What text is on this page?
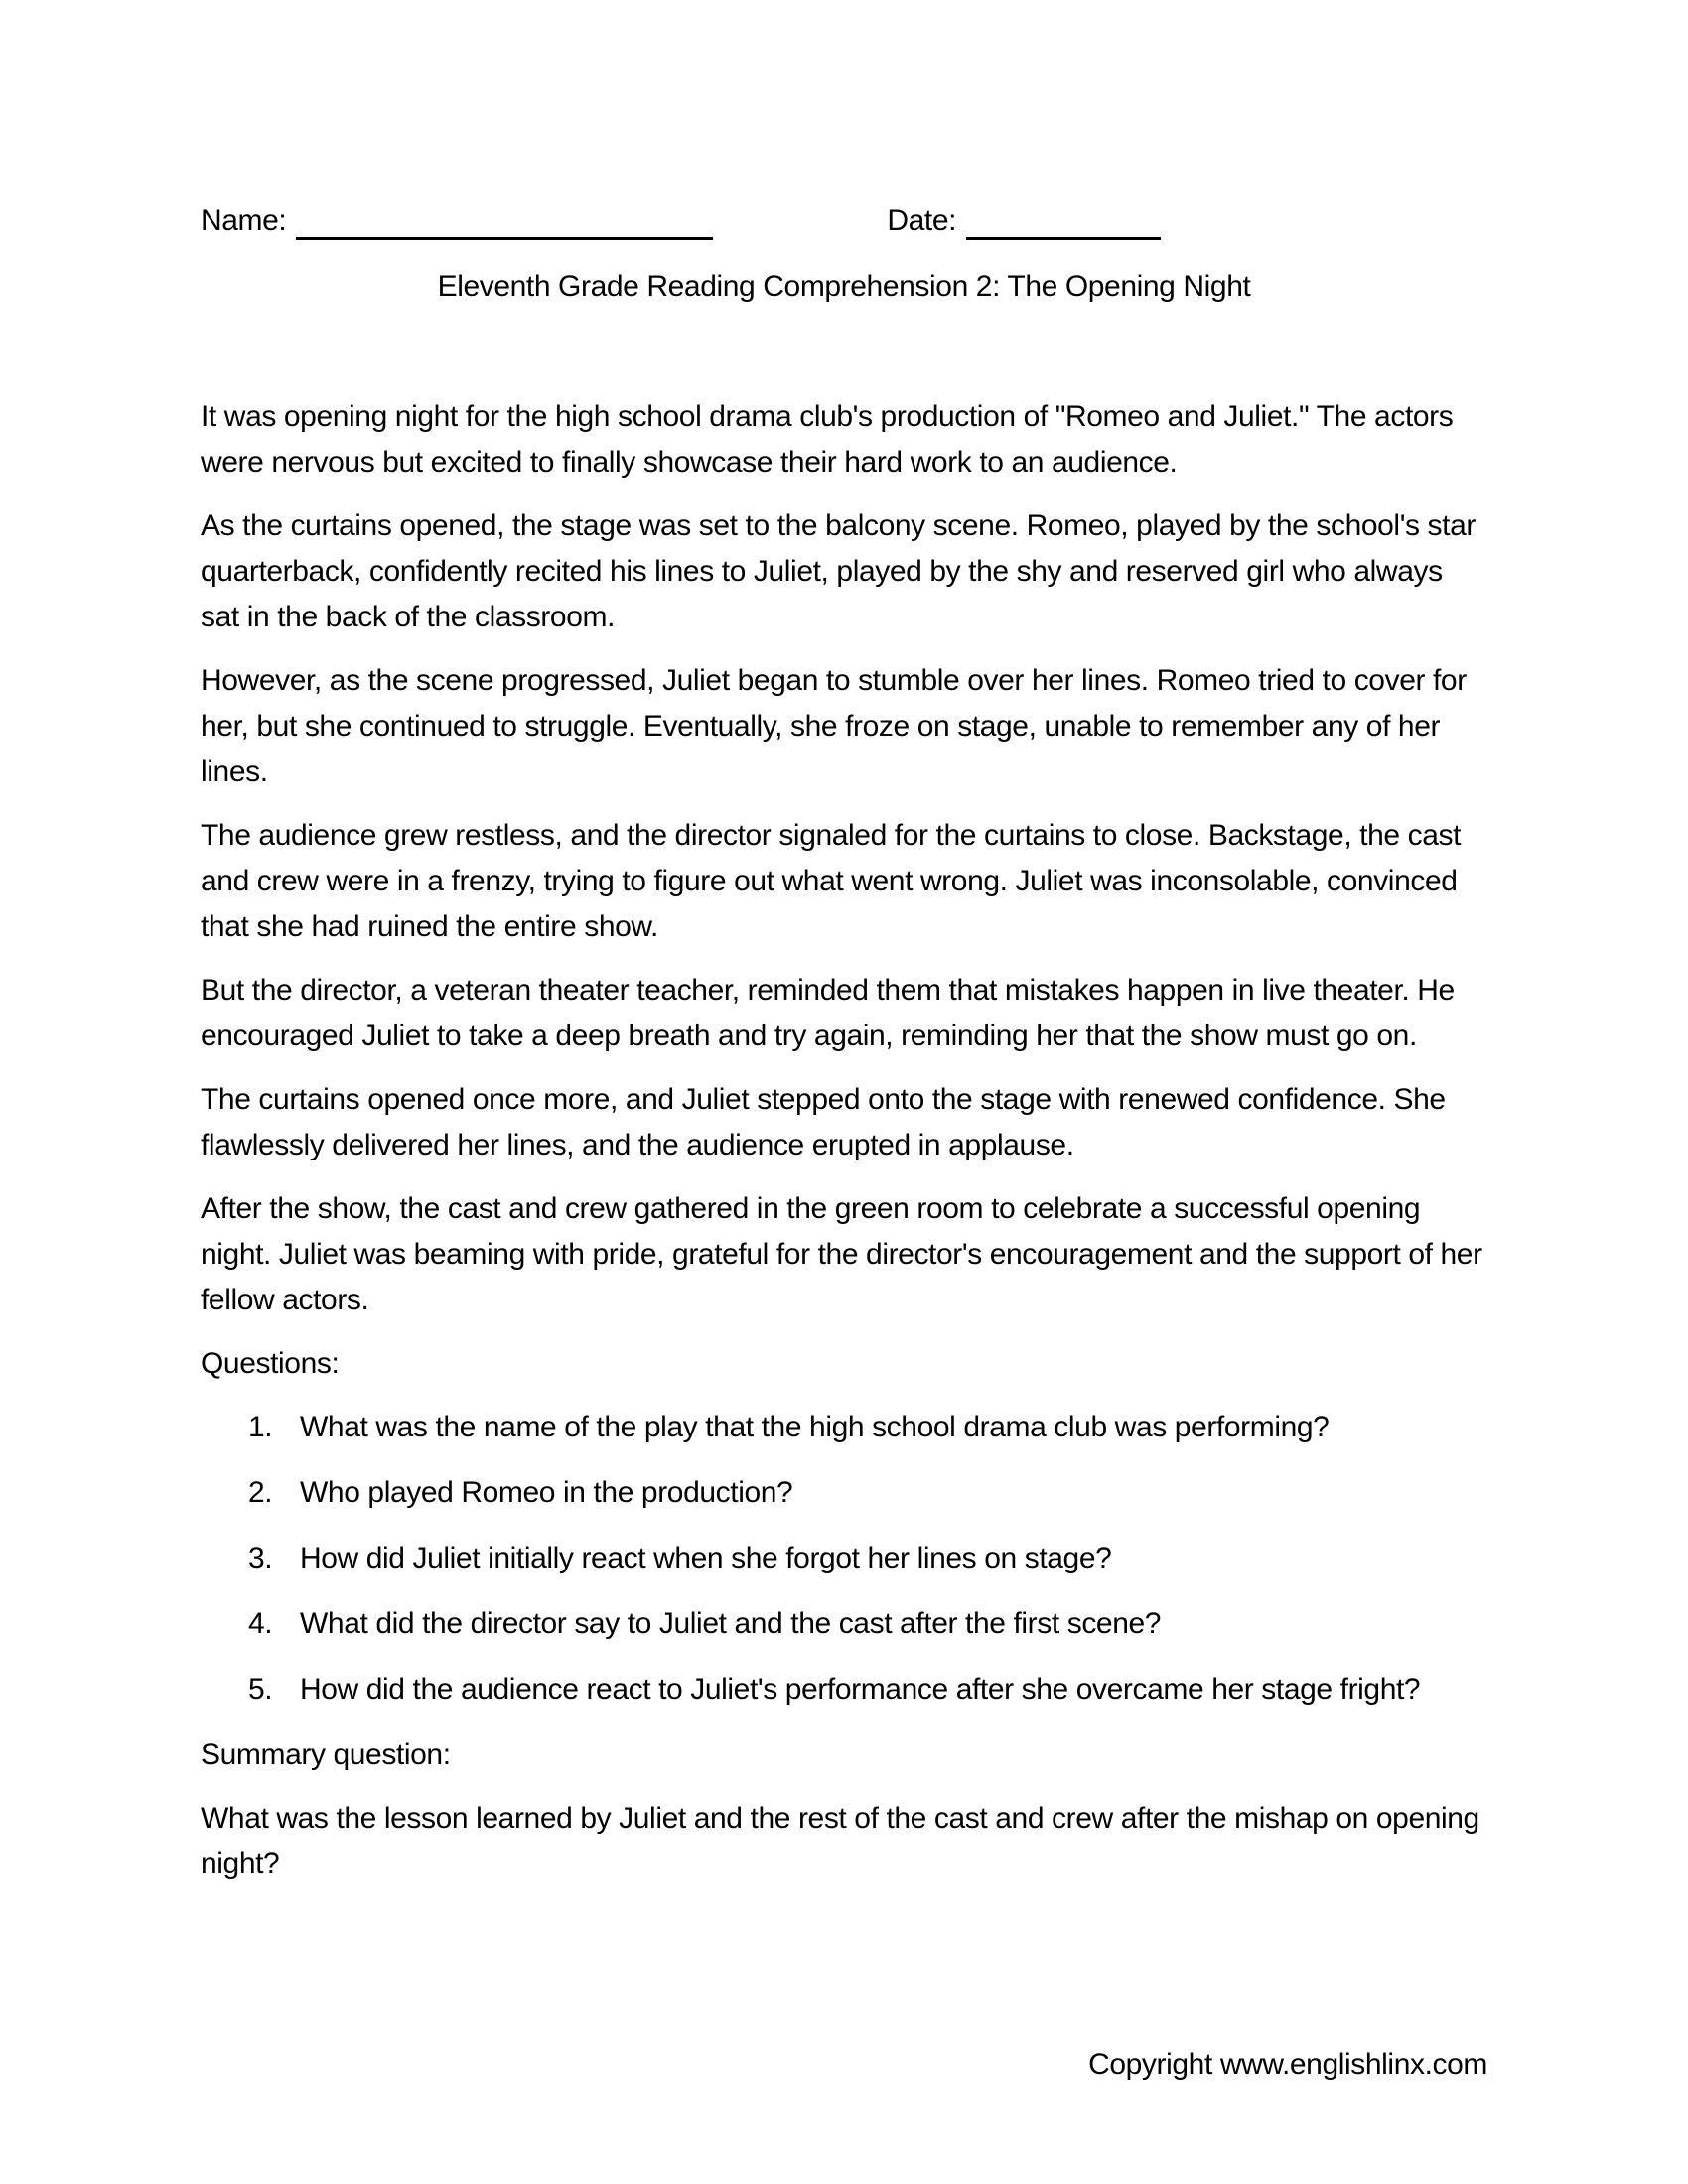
Name:	Date:
Eleventh Grade Reading Comprehension 2: The Opening Night

It was opening night for the high school drama club's production of "Romeo and Juliet." The actors were nervous but excited to finally showcase their hard work to an audience.

As the curtains opened, the stage was set to the balcony scene. Romeo, played by the school's star quarterback, confidently recited his lines to Juliet, played by the shy and reserved girl who always sat in the back of the classroom.

However, as the scene progressed, Juliet began to stumble over her lines. Romeo tried to cover for her, but she continued to struggle. Eventually, she froze on stage, unable to remember any of her lines.

The audience grew restless, and the director signaled for the curtains to close. Backstage, the cast and crew were in a frenzy, trying to figure out what went wrong. Juliet was inconsolable, convinced that she had ruined the entire show.

But the director, a veteran theater teacher, reminded them that mistakes happen in live theater. He encouraged Juliet to take a deep breath and try again, reminding her that the show must go on.

The curtains opened once more, and Juliet stepped onto the stage with renewed confidence. She flawlessly delivered her lines, and the audience erupted in applause.

After the show, the cast and crew gathered in the green room to celebrate a successful opening night. Juliet was beaming with pride, grateful for the director's encouragement and the support of her fellow actors.

Questions:
1. What was the name of the play that the high school drama club was performing?
2. Who played Romeo in the production?
3. How did Juliet initially react when she forgot her lines on stage?
4. What did the director say to Juliet and the cast after the first scene?
5. How did the audience react to Juliet's performance after she overcame her stage fright?
Summary question:

What was the lesson learned by Juliet and the rest of the cast and crew after the mishap on opening night?

Copyright www.englishlinx.com
